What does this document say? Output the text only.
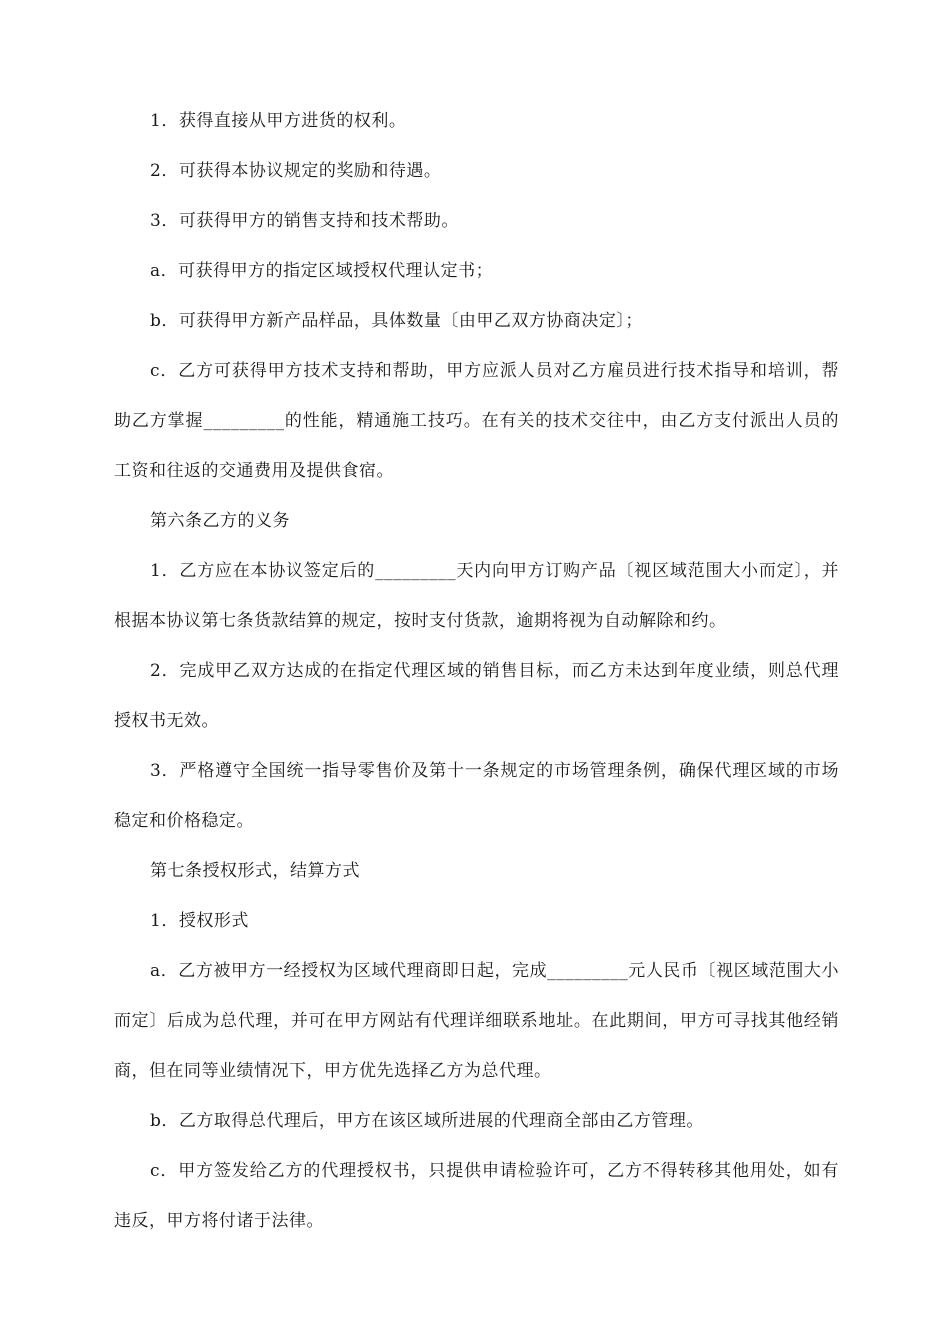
1．获得直接从甲方进货的权利。

2．可获得本协议规定的奖励和待遇。

3．可获得甲方的销售支持和技术帮助。

a．可获得甲方的指定区域授权代理认定书；

b．可获得甲方新产品样品，具体数量〔由甲乙双方协商决定〕；

c．乙方可获得甲方技术支持和帮助，甲方应派人员对乙方雇员进行技术指导和培训，帮助乙方掌握_________的性能，精通施工技巧。在有关的技术交往中，由乙方支付派出人员的工资和往返的交通费用及提供食宿。

第六条乙方的义务

1．乙方应在本协议签定后的_________天内向甲方订购产品〔视区域范围大小而定〕，并根据本协议第七条货款结算的规定，按时支付货款，逾期将视为自动解除和约。

2．完成甲乙双方达成的在指定代理区域的销售目标，而乙方未达到年度业绩，则总代理授权书无效。

3．严格遵守全国统一指导零售价及第十一条规定的市场管理条例，确保代理区域的市场稳定和价格稳定。

第七条授权形式，结算方式

1．授权形式

a．乙方被甲方一经授权为区域代理商即日起，完成_________元人民币〔视区域范围大小而定〕后成为总代理，并可在甲方网站有代理详细联系地址。在此期间，甲方可寻找其他经销商，但在同等业绩情况下，甲方优先选择乙方为总代理。

b．乙方取得总代理后，甲方在该区域所进展的代理商全部由乙方管理。

c．甲方签发给乙方的代理授权书，只提供申请检验许可，乙方不得转移其他用处，如有违反，甲方将付诸于法律。
